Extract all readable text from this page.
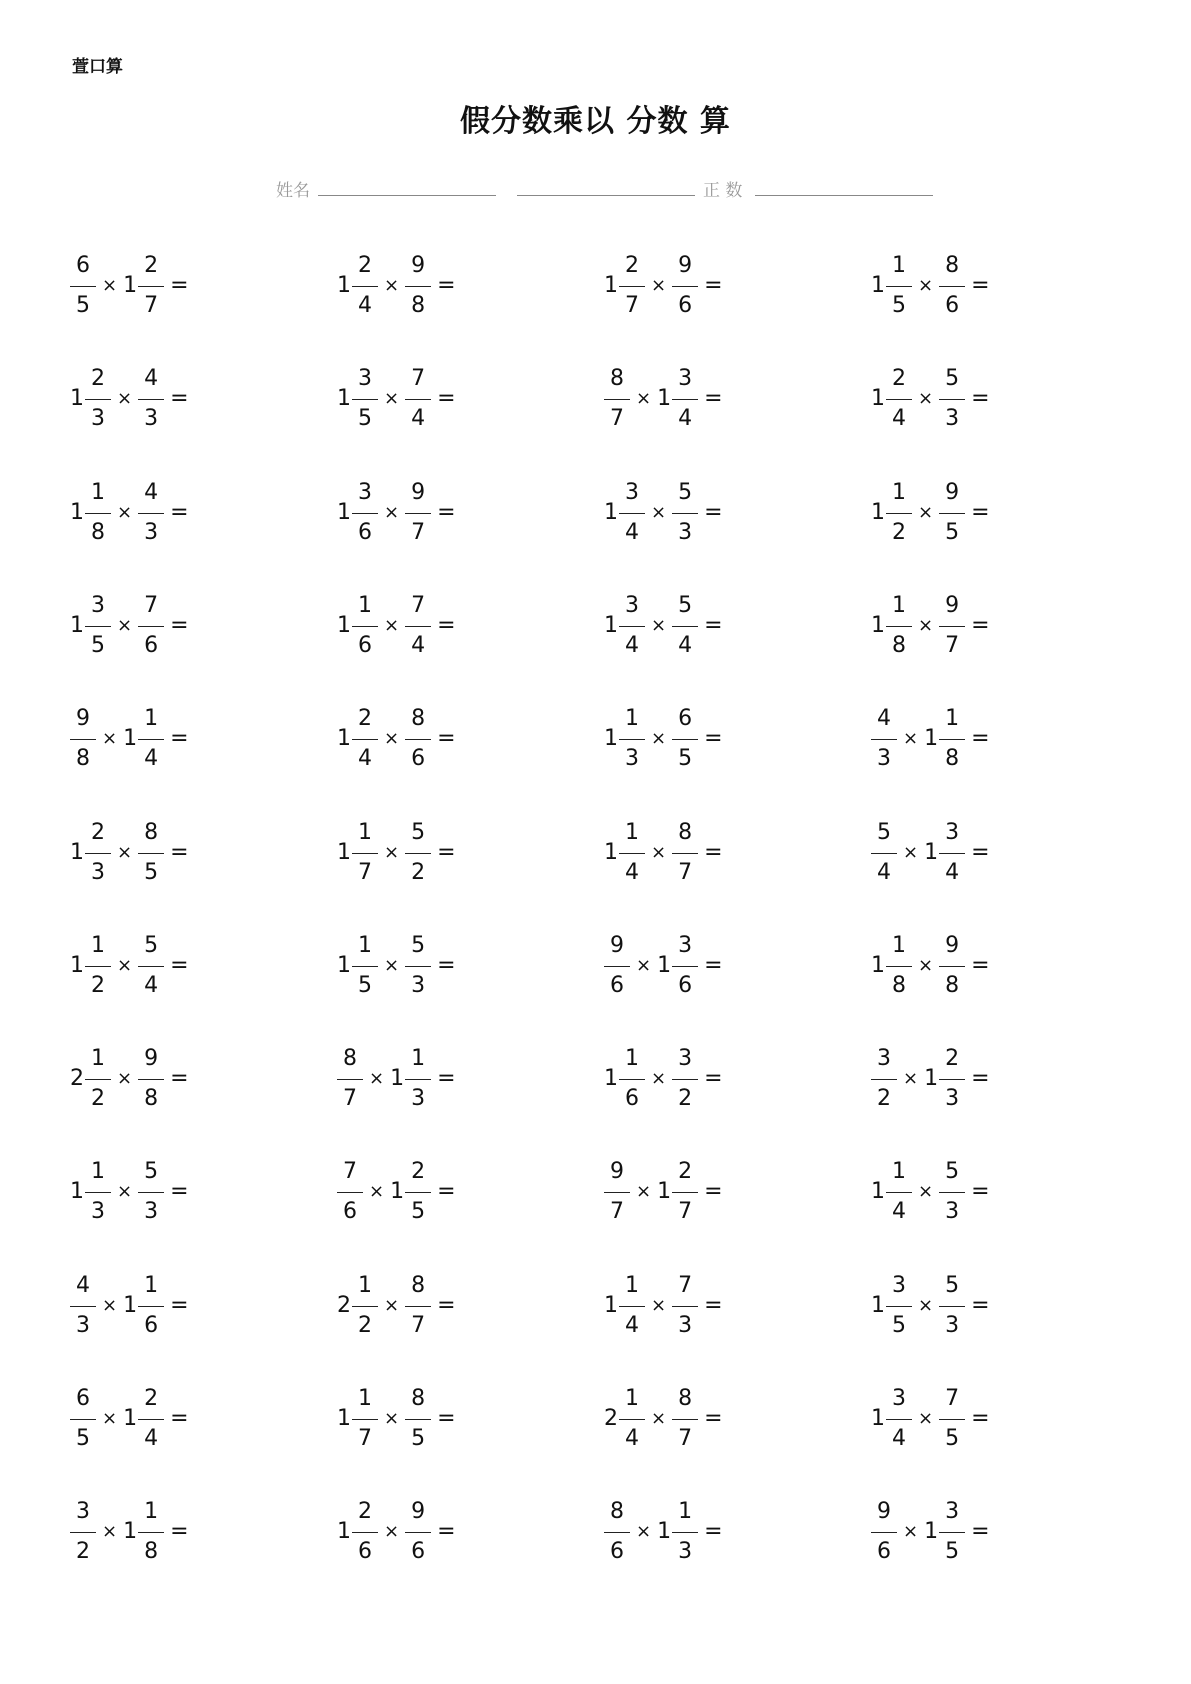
萱口算
假分数乘以 分数 算
姓名	正 数
$\frac{6}{5} \times 1 \frac{2}{7}$ =	$1 \frac{2}{4} \times \frac{9}{8}$ =	$1 \frac{2}{7} \times \frac{9}{6}$ =	$1 \frac{1}{5} \times \frac{8}{6}$ =
$1 \frac{2}{3} \times \frac{4}{3}$ =	$1 \frac{3}{5} \times \frac{7}{4}$ =	$\frac{8}{7} \times 1 \frac{3}{4}$ =	$1 \frac{2}{4} \times \frac{5}{3}$ =
$1 \frac{1}{8} \times \frac{4}{3}$ =	$1 \frac{3}{6} \times \frac{9}{7}$ =	$1 \frac{3}{4} \times \frac{5}{3}$ =	$1 \frac{1}{2} \times \frac{9}{5}$ =
$1 \frac{3}{5} \times \frac{7}{6}$ =	$1 \frac{1}{6} \times \frac{7}{4}$ =	$1 \frac{3}{4} \times \frac{5}{4}$ =	$1 \frac{1}{8} \times \frac{9}{7}$ =
$\frac{9}{8} \times 1 \frac{1}{4}$ =	$1 \frac{2}{4} \times \frac{8}{6}$ =	$1 \frac{1}{3} \times \frac{6}{5}$ =	$\frac{4}{3} \times 1 \frac{1}{8}$ =
$1 \frac{2}{3} \times \frac{8}{5}$ =	$1 \frac{1}{7} \times \frac{5}{2}$ =	$1 \frac{1}{4} \times \frac{8}{7}$ =	$\frac{5}{4} \times 1 \frac{3}{4}$ =
$1 \frac{1}{2} \times \frac{5}{4}$ =	$1 \frac{1}{5} \times \frac{5}{3}$ =	$\frac{9}{6} \times 1 \frac{3}{6}$ =	$1 \frac{1}{8} \times \frac{9}{8}$ =
$2 \frac{1}{2} \times \frac{9}{8}$ =	$\frac{8}{7} \times 1 \frac{1}{3}$ =	$1 \frac{1}{6} \times \frac{3}{2}$ =	$\frac{3}{2} \times 1 \frac{2}{3}$ =
$1 \frac{1}{3} \times \frac{5}{3}$ =	$\frac{7}{6} \times 1 \frac{2}{5}$ =	$\frac{9}{7} \times 1 \frac{2}{7}$ =	$1 \frac{1}{4} \times \frac{5}{3}$ =
$\frac{4}{3} \times 1 \frac{1}{6}$ =	$2 \frac{1}{2} \times \frac{8}{7}$ =	$1 \frac{1}{4} \times \frac{7}{3}$ =	$1 \frac{3}{5} \times \frac{5}{3}$ =
$\frac{6}{5} \times 1 \frac{2}{4}$ =	$1 \frac{1}{7} \times \frac{8}{5}$ =	$2 \frac{1}{4} \times \frac{8}{7}$ =	$1 \frac{3}{4} \times \frac{7}{5}$ =
$\frac{3}{2} \times 1 \frac{1}{8}$ =	$1 \frac{2}{6} \times \frac{9}{6}$ =	$\frac{8}{6} \times 1 \frac{1}{3}$ =	$\frac{9}{6} \times 1 \frac{3}{5}$ =
